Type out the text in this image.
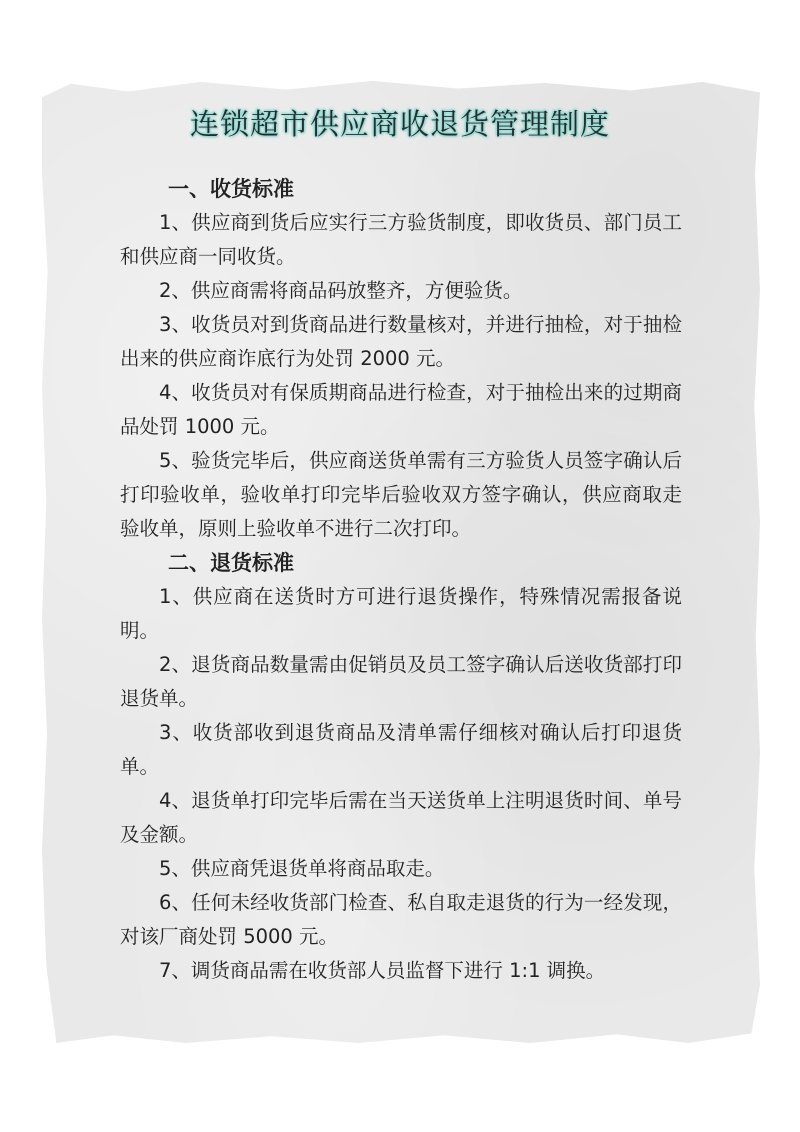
连锁超市供应商收退货管理制度
一、收货标准

1、供应商到货后应实行三方验货制度，即收货员、部门员工和供应商一同收货。

2、供应商需将商品码放整齐，方便验货。

3、收货员对到货商品进行数量核对，并进行抽检，对于抽检出来的供应商诈底行为处罚 2000 元。

4、收货员对有保质期商品进行检查，对于抽检出来的过期商品处罚 1000 元。

5、验货完毕后，供应商送货单需有三方验货人员签字确认后打印验收单，验收单打印完毕后验收双方签字确认，供应商取走验收单，原则上验收单不进行二次打印。

二、退货标准

1、供应商在送货时方可进行退货操作，特殊情况需报备说明。

2、退货商品数量需由促销员及员工签字确认后送收货部打印退货单。

3、收货部收到退货商品及清单需仔细核对确认后打印退货单。

4、退货单打印完毕后需在当天送货单上注明退货时间、单号及金额。

5、供应商凭退货单将商品取走。

6、任何未经收货部门检查、私自取走退货的行为一经发现，对该厂商处罚 5000 元。

7、调货商品需在收货部人员监督下进行 1:1 调换。
